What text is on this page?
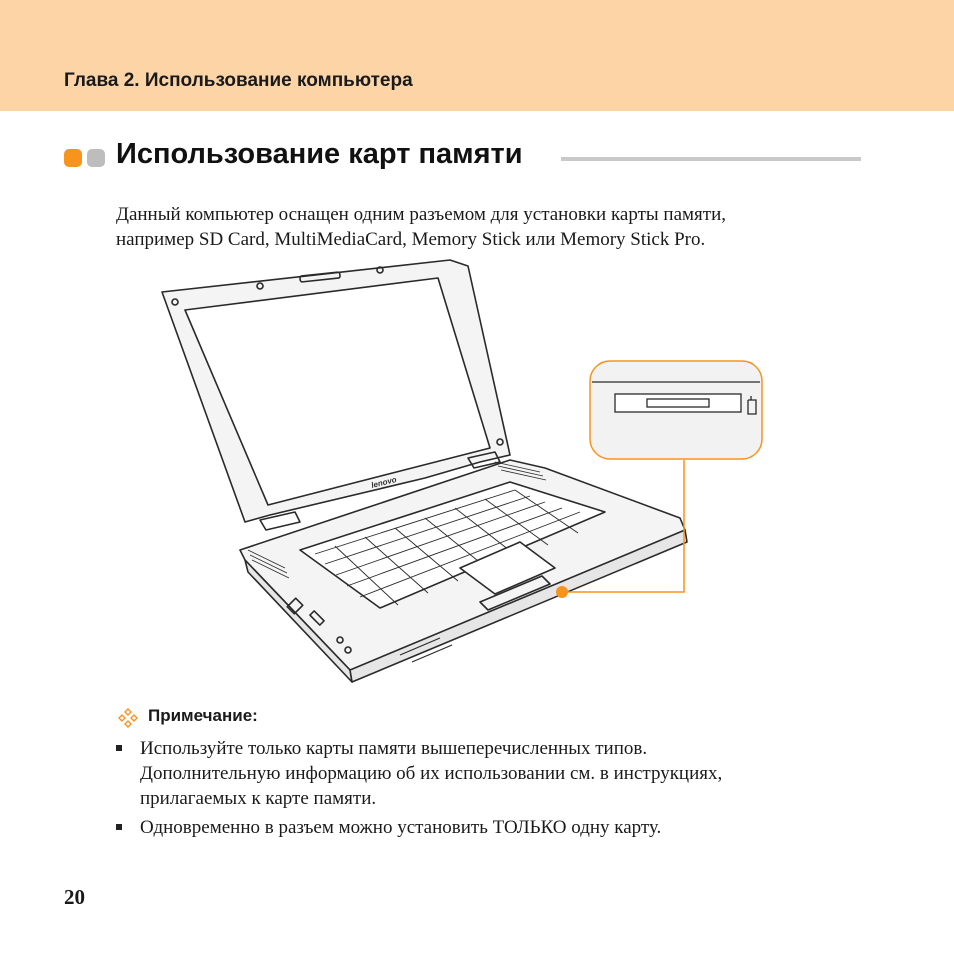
Глава 2. Использование компьютера
Использование карт памяти
Данный компьютер оснащен одним разъемом для установки карты памяти,
например SD Card, MultiMediaCard, Memory Stick или Memory Stick Pro.
lenovo
Примечание:
Используйте только карты памяти вышеперечисленных типов.
Дополнительную информацию об их использовании см. в инструкциях,
прилагаемых к карте памяти.
Одновременно в разъем можно установить ТОЛЬКО одну карту.
20
